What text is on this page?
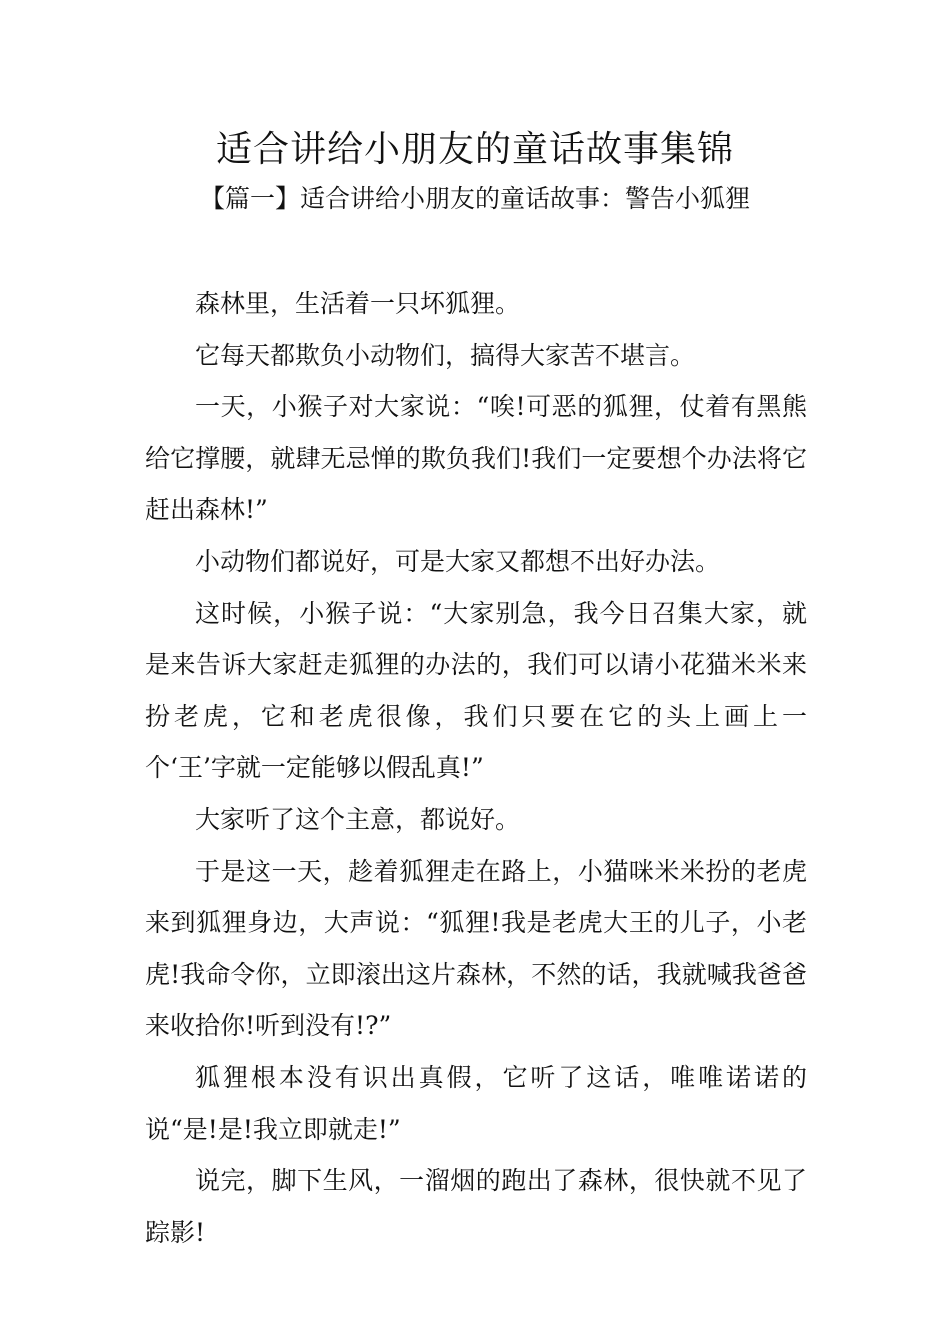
适合讲给小朋友的童话故事集锦
【篇一】适合讲给小朋友的童话故事：警告小狐狸

森林里，生活着一只坏狐狸。

它每天都欺负小动物们，搞得大家苦不堪言。

一天，小猴子对大家说：“唉!可恶的狐狸，仗着有黑熊给它撑腰，就肆无忌惮的欺负我们!我们一定要想个办法将它赶出森林!”

小动物们都说好，可是大家又都想不出好办法。

这时候，小猴子说：“大家别急，我今日召集大家，就是来告诉大家赶走狐狸的办法的，我们可以请小花猫米米来扮老虎，它和老虎很像，我们只要在它的头上画上一个‘王’字就一定能够以假乱真!”

大家听了这个主意，都说好。

于是这一天，趁着狐狸走在路上，小猫咪米米扮的老虎来到狐狸身边，大声说：“狐狸!我是老虎大王的儿子，小老虎!我命令你，立即滚出这片森林，不然的话，我就喊我爸爸来收拾你!听到没有!?”

狐狸根本没有识出真假，它听了这话，唯唯诺诺的说“是!是!我立即就走!”

说完，脚下生风，一溜烟的跑出了森林，很快就不见了踪影!
